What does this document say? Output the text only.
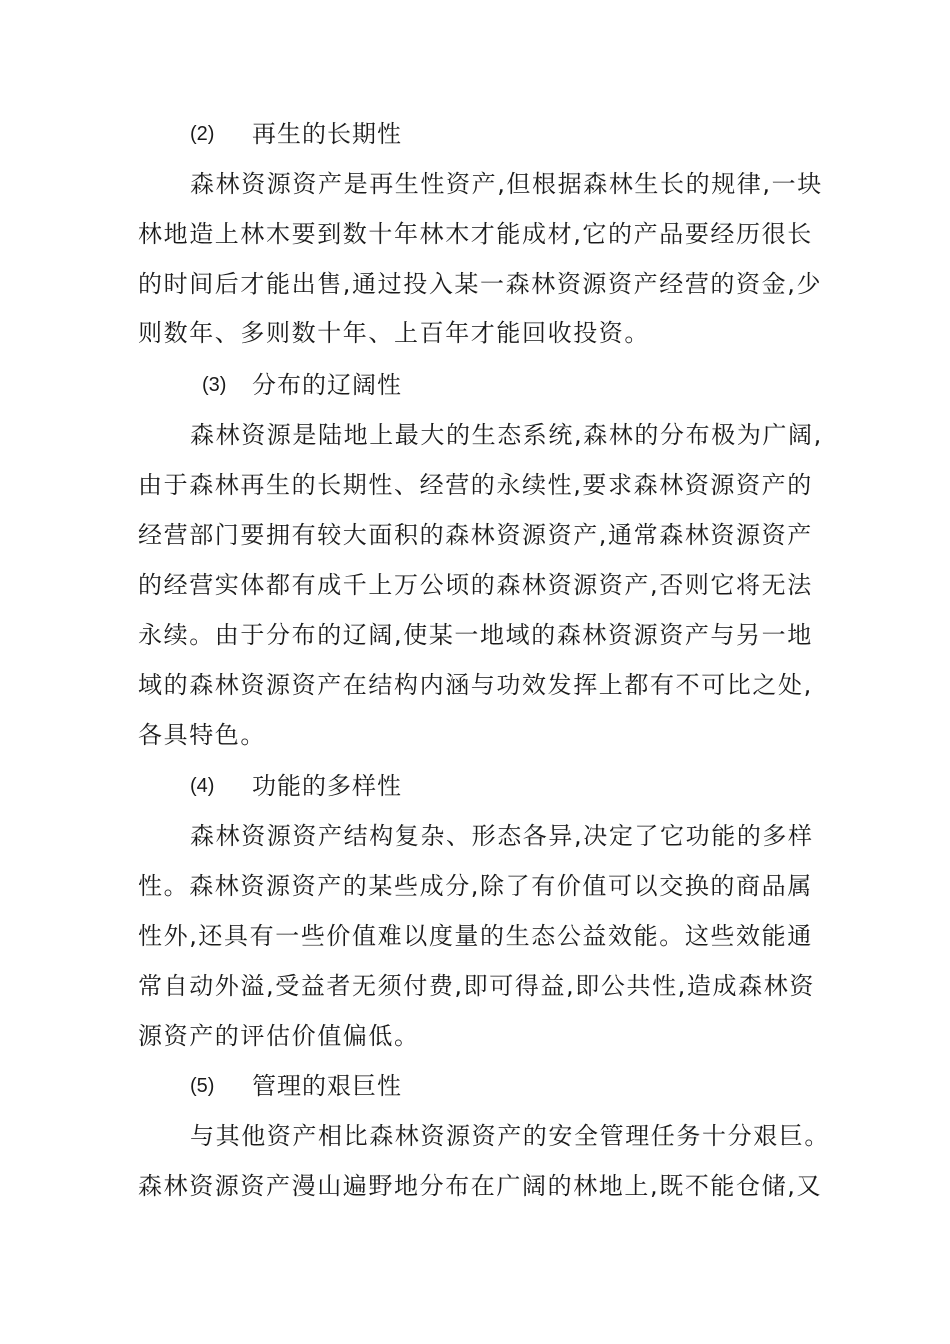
(2) 再生的长期性
森林资源资产是再生性资产,但根据森林生长的规律,一块
林地造上林木要到数十年林木才能成材,它的产品要经历很长
的时间后才能出售,通过投入某一森林资源资产经营的资金,少
则数年、多则数十年、上百年才能回收投资。
(3) 分布的辽阔性
森林资源是陆地上最大的生态系统,森林的分布极为广阔,
由于森林再生的长期性、经营的永续性,要求森林资源资产的
经营部门要拥有较大面积的森林资源资产,通常森林资源资产
的经营实体都有成千上万公顷的森林资源资产,否则它将无法
永续。由于分布的辽阔,使某一地域的森林资源资产与另一地
域的森林资源资产在结构内涵与功效发挥上都有不可比之处,
各具特色。
(4) 功能的多样性
森林资源资产结构复杂、形态各异,决定了它功能的多样
性。森林资源资产的某些成分,除了有价值可以交换的商品属
性外,还具有一些价值难以度量的生态公益效能。这些效能通
常自动外溢,受益者无须付费,即可得益,即公共性,造成森林资
源资产的评估价值偏低。
(5) 管理的艰巨性
与其他资产相比森林资源资产的安全管理任务十分艰巨。
森林资源资产漫山遍野地分布在广阔的林地上,既不能仓储,又
